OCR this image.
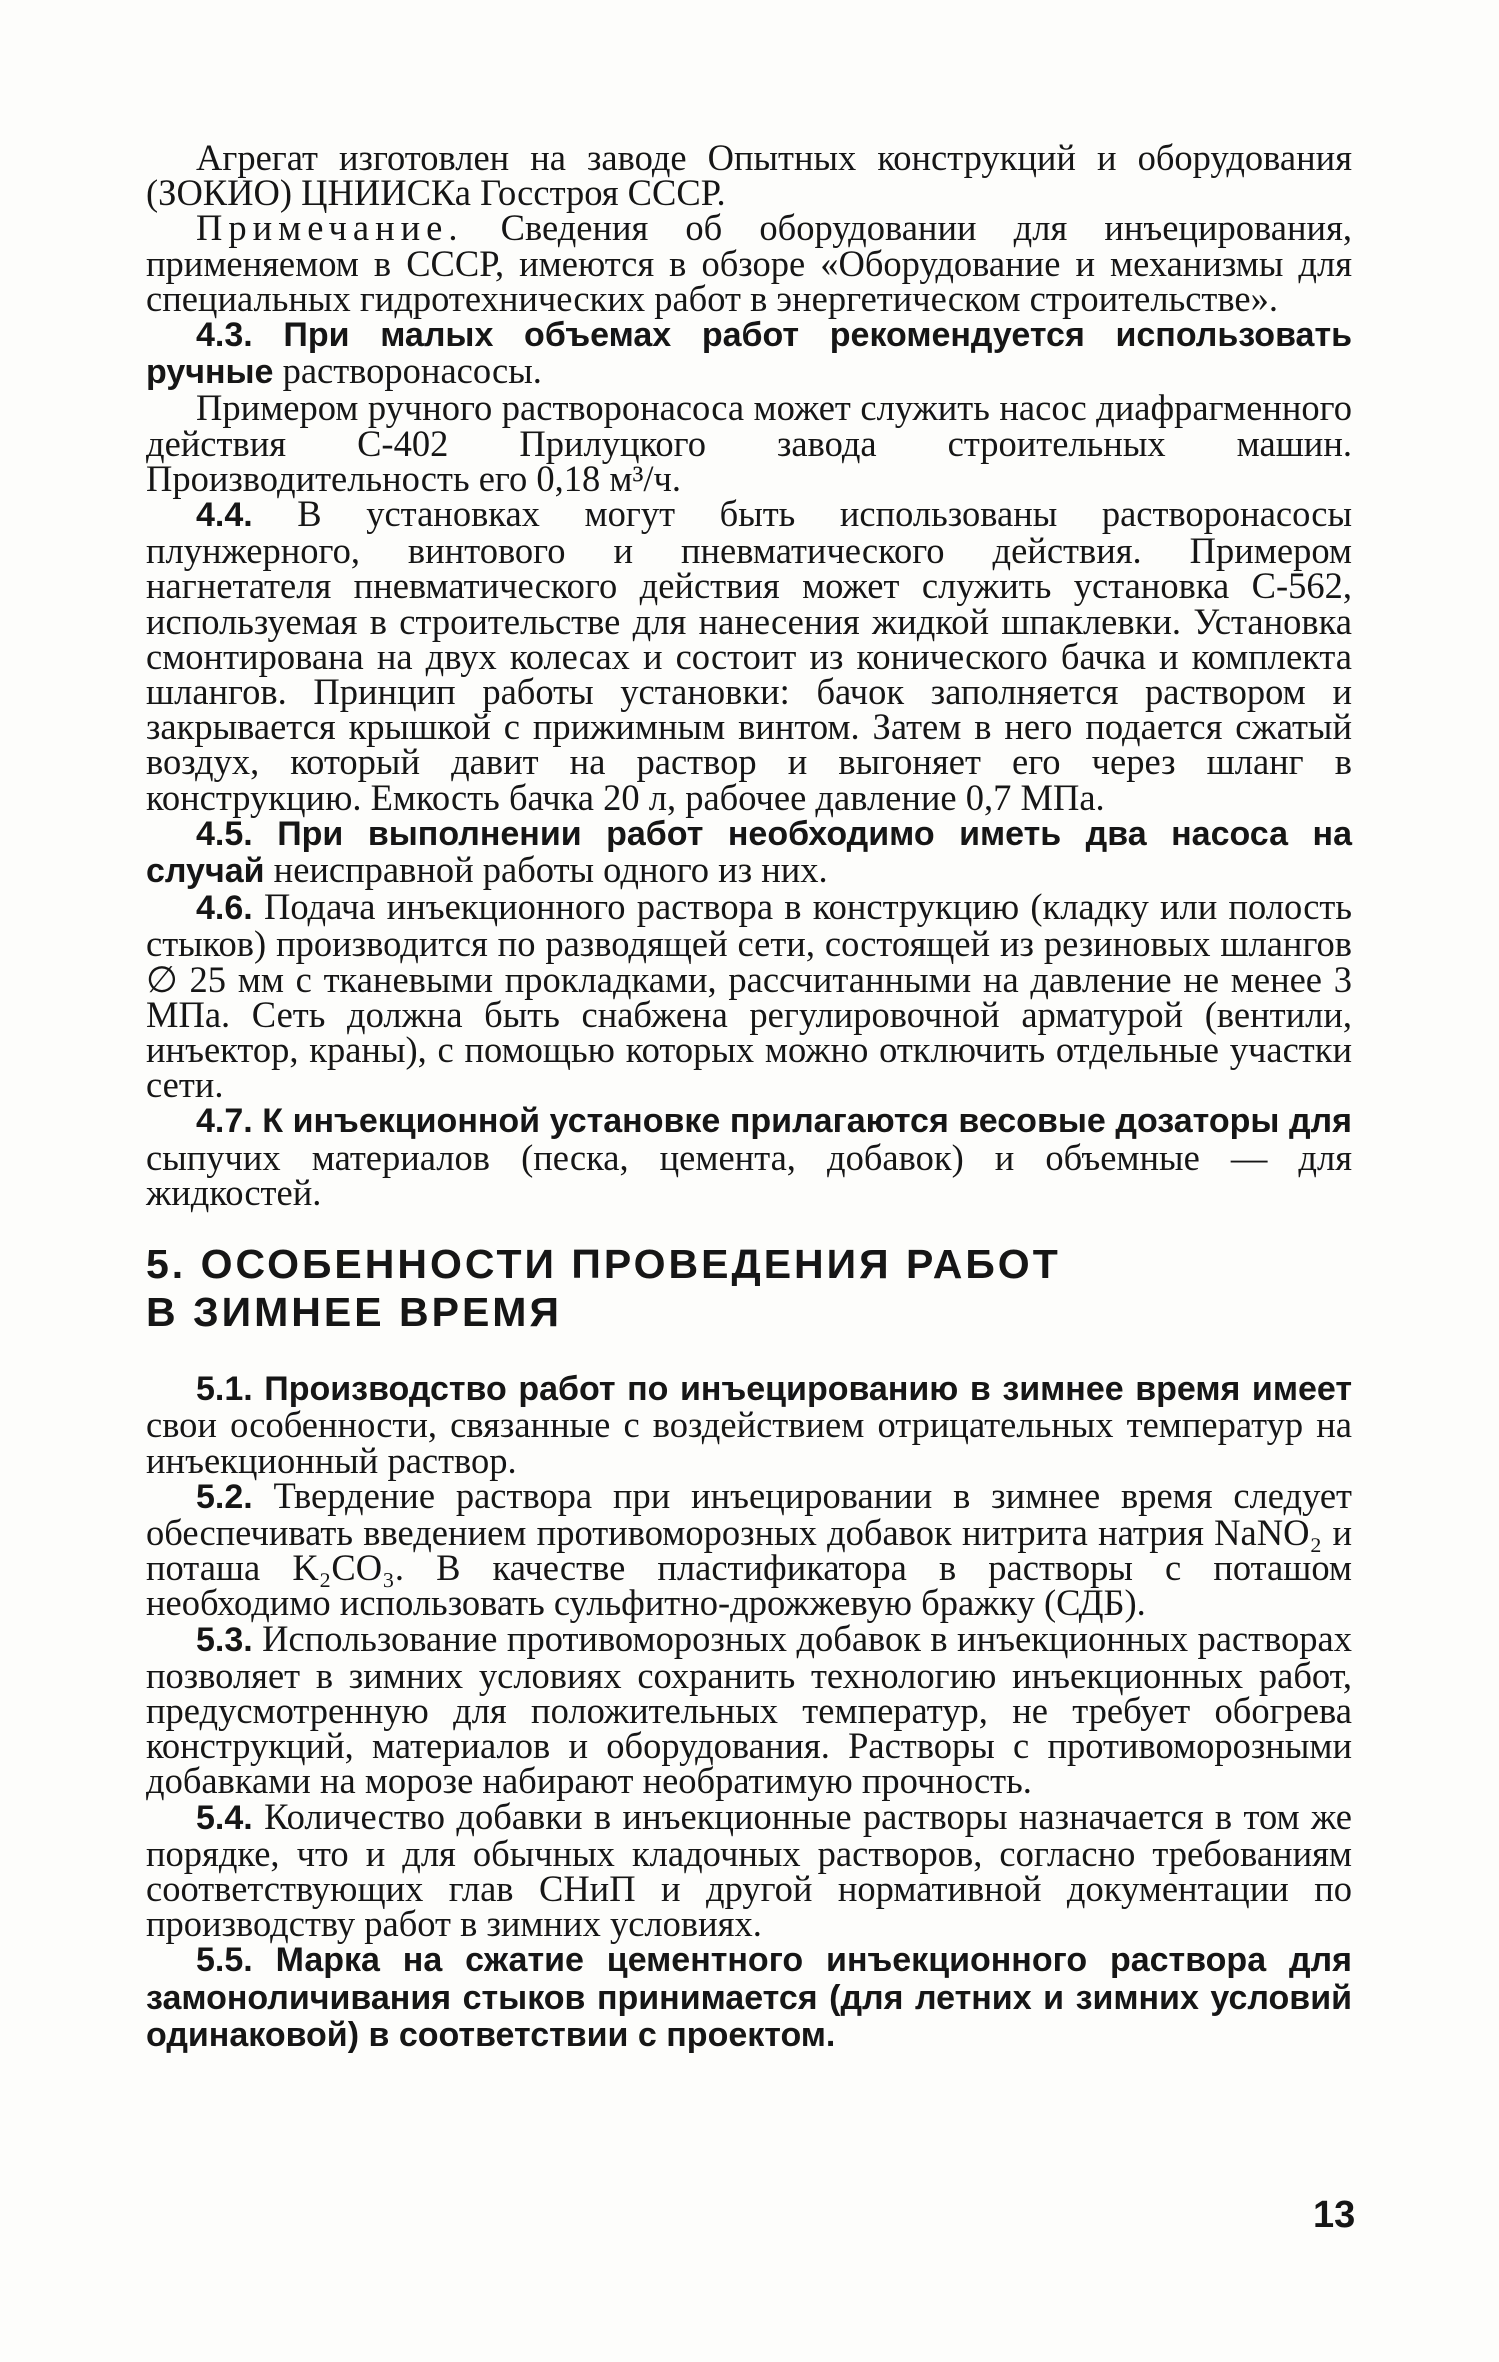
Агрегат изготовлен на заводе Опытных конструкций и оборудования (ЗОКИО) ЦНИИСКа Госстроя СССР.

Примечание. Сведения об оборудовании для инъецирования, применяемом в СССР, имеются в обзоре «Оборудование и механизмы для специальных гидротехнических работ в энергетическом строительстве».

4.3. При малых объемах работ рекомендуется использовать ручные растворонасосы.

Примером ручного растворонасоса может служить насос диафрагменного действия С-402 Прилуцкого завода строительных машин. Производительность его 0,18 м³/ч.

4.4. В установках могут быть использованы растворонасосы плунжерного, винтового и пневматического действия. Примером нагнетателя пневматического действия может служить установка С-562, используемая в строительстве для нанесения жидкой шпаклевки. Установка смонтирована на двух колесах и состоит из конического бачка и комплекта шлангов. Принцип работы установки: бачок заполняется раствором и закрывается крышкой с прижимным винтом. Затем в него подается сжатый воздух, который давит на раствор и выгоняет его через шланг в конструкцию. Емкость бачка 20 л, рабочее давление 0,7 МПа.

4.5. При выполнении работ необходимо иметь два насоса на случай неисправной работы одного из них.

4.6. Подача инъекционного раствора в конструкцию (кладку или полость стыков) производится по разводящей сети, состоящей из резиновых шлангов ∅ 25 мм с тканевыми прокладками, рассчитанными на давление не менее 3 МПа. Сеть должна быть снабжена регулировочной арматурой (вентили, инъектор, краны), с помощью которых можно отключить отдельные участки сети.

4.7. К инъекционной установке прилагаются весовые дозаторы для сыпучих материалов (песка, цемента, добавок) и объемные — для жидкостей.

5. ОСОБЕННОСТИ ПРОВЕДЕНИЯ РАБОТ
В ЗИМНЕЕ ВРЕМЯ

5.1. Производство работ по инъецированию в зимнее время имеет свои особенности, связанные с воздействием отрицательных температур на инъекционный раствор.

5.2. Твердение раствора при инъецировании в зимнее время следует обеспечивать введением противоморозных добавок нитрита натрия NaNO₂ и поташа K₂CO₃. В качестве пластификатора в растворы с поташом необходимо использовать сульфитно-дрожжевую бражку (СДБ).

5.3. Использование противоморозных добавок в инъекционных растворах позволяет в зимних условиях сохранить технологию инъекционных работ, предусмотренную для положительных температур, не требует обогрева конструкций, материалов и оборудования. Растворы с противоморозными добавками на морозе набирают необратимую прочность.

5.4. Количество добавки в инъекционные растворы назначается в том же порядке, что и для обычных кладочных растворов, согласно требованиям соответствующих глав СНиП и другой нормативной документации по производству работ в зимних условиях.

5.5. Марка на сжатие цементного инъекционного раствора для замоноличивания стыков принимается (для летних и зимних условий одинаковой) в соответствии с проектом.

13
